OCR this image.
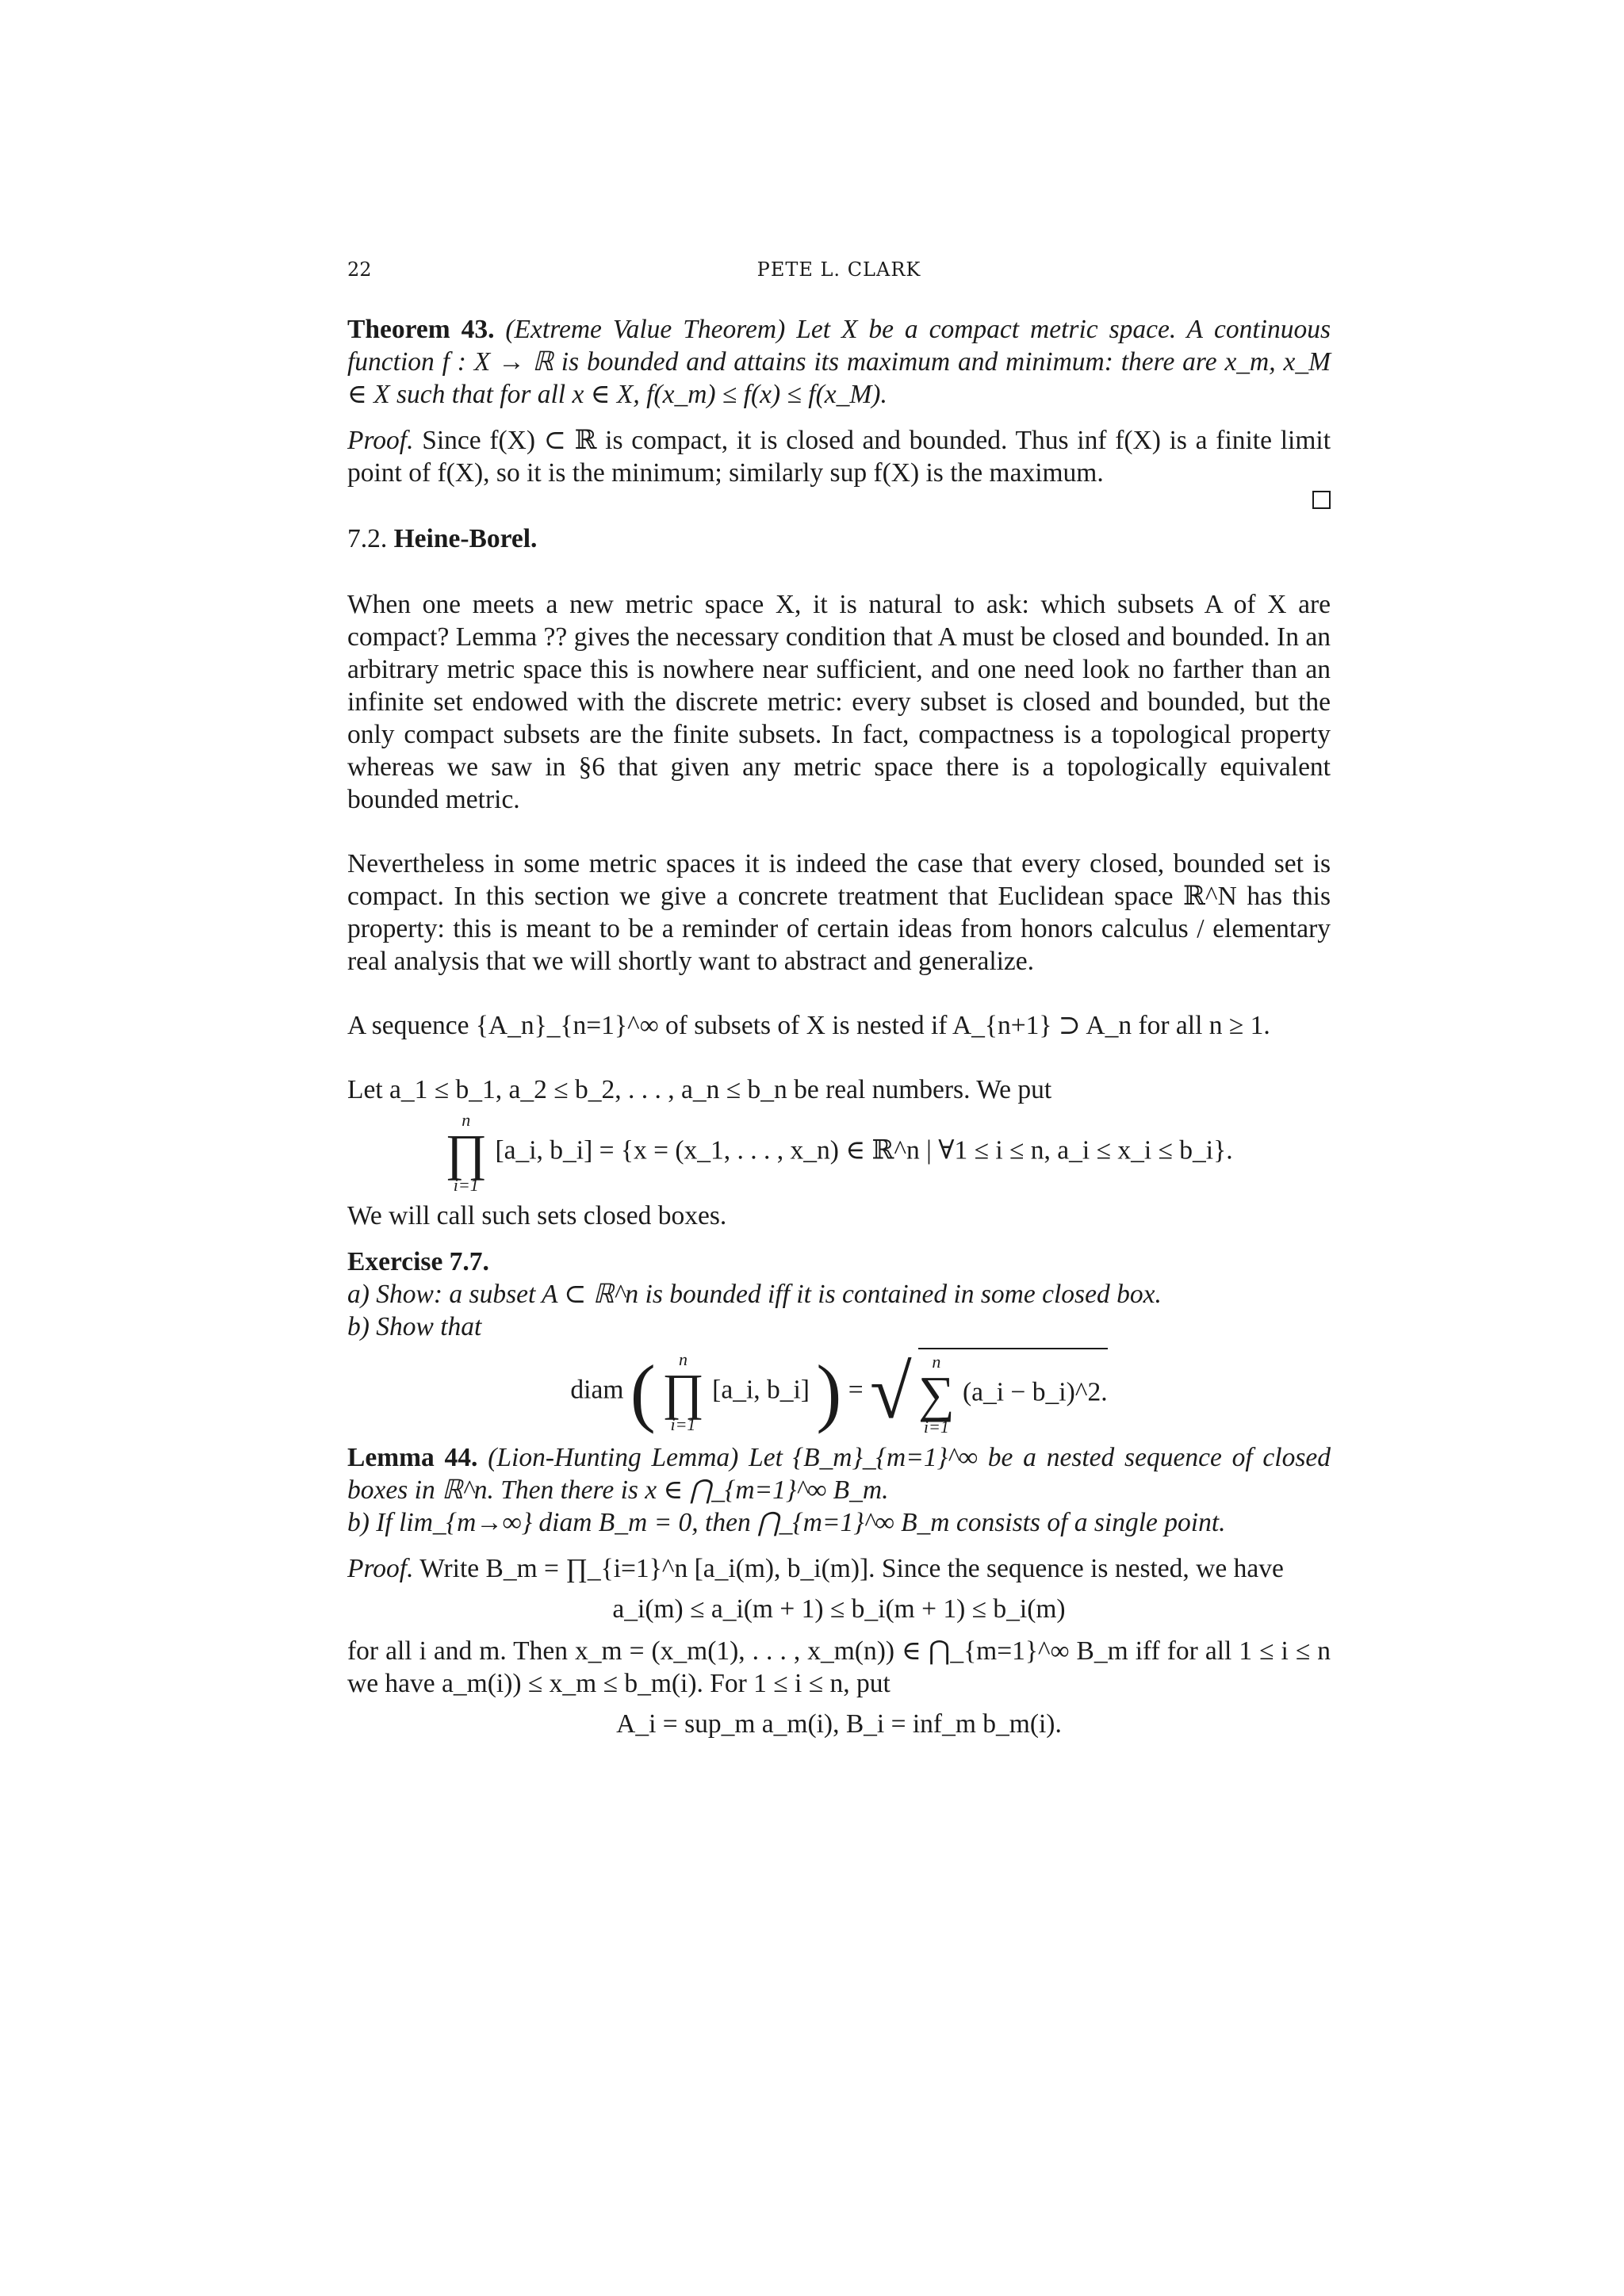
22	PETE L. CLARK

Theorem 43. (Extreme Value Theorem) Let X be a compact metric space. A continuous function f : X → ℝ is bounded and attains its maximum and minimum: there are x_m, x_M ∈ X such that for all x ∈ X, f(x_m) ≤ f(x) ≤ f(x_M).

Proof. Since f(X) ⊂ ℝ is compact, it is closed and bounded. Thus inf f(X) is a finite limit point of f(X), so it is the minimum; similarly sup f(X) is the maximum.

7.2. Heine-Borel.

When one meets a new metric space X, it is natural to ask: which subsets A of X are compact? Lemma ?? gives the necessary condition that A must be closed and bounded. In an arbitrary metric space this is nowhere near sufficient, and one need look no farther than an infinite set endowed with the discrete metric: every subset is closed and bounded, but the only compact subsets are the finite subsets. In fact, compactness is a topological property whereas we saw in §6 that given any metric space there is a topologically equivalent bounded metric.

Nevertheless in some metric spaces it is indeed the case that every closed, bounded set is compact. In this section we give a concrete treatment that Euclidean space ℝ^N has this property: this is meant to be a reminder of certain ideas from honors calculus / elementary real analysis that we will shortly want to abstract and generalize.

A sequence {A_n}_{n=1}^∞ of subsets of X is nested if A_{n+1} ⊃ A_n for all n ≥ 1.

Let a_1 ≤ b_1, a_2 ≤ b_2, . . . , a_n ≤ b_n be real numbers. We put

n
∏
i=1
[a_i, b_i] = {x = (x_1, . . . , x_n) ∈ ℝ^n | ∀1 ≤ i ≤ n, a_i ≤ x_i ≤ b_i}.

We will call such sets closed boxes.

Exercise 7.7.
a) Show: a subset A ⊂ ℝ^n is bounded iff it is contained in some closed box.
b) Show that

diam (	n
∏
i=1
[a_i, b_i] ) = √	n
∑
i=1
(a_i − b_i)^2.

Lemma 44. (Lion-Hunting Lemma) Let {B_m}_{m=1}^∞ be a nested sequence of closed boxes in ℝ^n. Then there is x ∈ ⋂_{m=1}^∞ B_m.
b) If lim_{m→∞} diam B_m = 0, then ⋂_{m=1}^∞ B_m consists of a single point.

Proof. Write B_m = ∏_{i=1}^n [a_i(m), b_i(m)]. Since the sequence is nested, we have

a_i(m) ≤ a_i(m + 1) ≤ b_i(m + 1) ≤ b_i(m)

for all i and m. Then x_m = (x_m(1), . . . , x_m(n)) ∈ ⋂_{m=1}^∞ B_m iff for all 1 ≤ i ≤ n we have a_m(i)) ≤ x_m ≤ b_m(i). For 1 ≤ i ≤ n, put

A_i = sup_m a_m(i), B_i = inf_m b_m(i).
